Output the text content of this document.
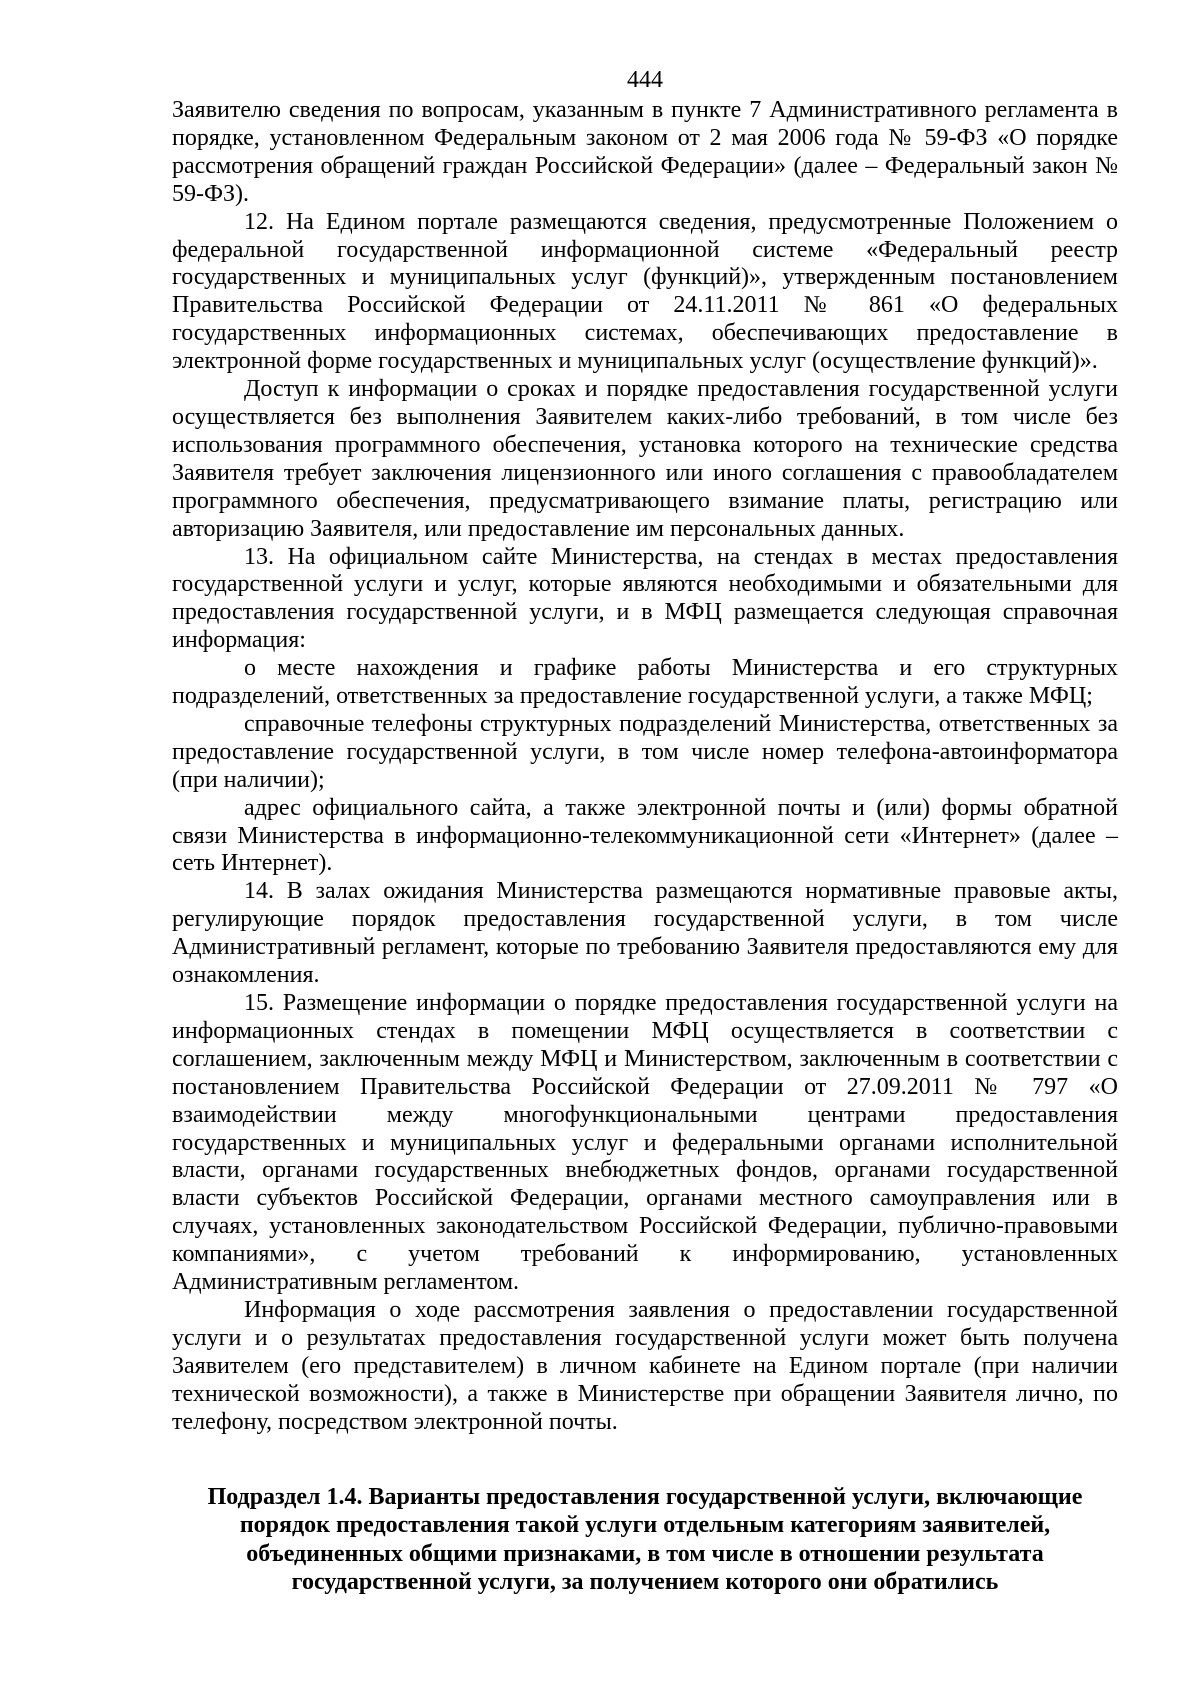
444

Заявителю сведения по вопросам, указанным в пункте 7 Административного регламента в порядке, установленном Федеральным законом от 2 мая 2006 года № 59-ФЗ «О порядке рассмотрения обращений граждан Российской Федерации» (далее – Федеральный закон № 59-ФЗ).

12. На Едином портале размещаются сведения, предусмотренные Положением о федеральной государственной информационной системе «Федеральный реестр государственных и муниципальных услуг (функций)», утвержденным постановлением Правительства Российской Федерации от 24.11.2011 № 861 «О федеральных государственных информационных системах, обеспечивающих предоставление в электронной форме государственных и муниципальных услуг (осуществление функций)».

Доступ к информации о сроках и порядке предоставления государственной услуги осуществляется без выполнения Заявителем каких-либо требований, в том числе без использования программного обеспечения, установка которого на технические средства Заявителя требует заключения лицензионного или иного соглашения с правообладателем программного обеспечения, предусматривающего взимание платы, регистрацию или авторизацию Заявителя, или предоставление им персональных данных.

13. На официальном сайте Министерства, на стендах в местах предоставления государственной услуги и услуг, которые являются необходимыми и обязательными для предоставления государственной услуги, и в МФЦ размещается следующая справочная информация:

о месте нахождения и графике работы Министерства и его структурных подразделений, ответственных за предоставление государственной услуги, а также МФЦ;

справочные телефоны структурных подразделений Министерства, ответственных за предоставление государственной услуги, в том числе номер телефона-автоинформатора (при наличии);

адрес официального сайта, а также электронной почты и (или) формы обратной связи Министерства в информационно-телекоммуникационной сети «Интернет» (далее – сеть Интернет).

14. В залах ожидания Министерства размещаются нормативные правовые акты, регулирующие порядок предоставления государственной услуги, в том числе Административный регламент, которые по требованию Заявителя предоставляются ему для ознакомления.

15. Размещение информации о порядке предоставления государственной услуги на информационных стендах в помещении МФЦ осуществляется в соответствии с соглашением, заключенным между МФЦ и Министерством, заключенным в соответствии с постановлением Правительства Российской Федерации от 27.09.2011 № 797 «О взаимодействии между многофункциональными центрами предоставления государственных и муниципальных услуг и федеральными органами исполнительной власти, органами государственных внебюджетных фондов, органами государственной власти субъектов Российской Федерации, органами местного самоуправления или в случаях, установленных законодательством Российской Федерации, публично-правовыми компаниями», с учетом требований к информированию, установленных Административным регламентом.

Информация о ходе рассмотрения заявления о предоставлении государственной услуги и о результатах предоставления государственной услуги может быть получена Заявителем (его представителем) в личном кабинете на Едином портале (при наличии технической возможности), а также в Министерстве при обращении Заявителя лично, по телефону, посредством электронной почты.

Подраздел 1.4. Варианты предоставления государственной услуги, включающие порядок предоставления такой услуги отдельным категориям заявителей, объединенных общими признаками, в том числе в отношении результата государственной услуги, за получением которого они обратились
